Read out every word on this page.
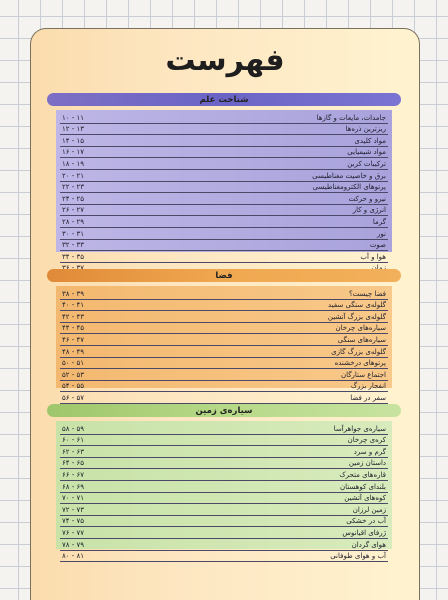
فهرست
شناخت علم
۱۰ - ۱۱	جامدات، مایعات و گازها
۱۲ - ۱۳	ریزترین ذره‌ها
۱۴ - ۱۵	مواد کلیدی
۱۶ - ۱۷	مواد شیمیایی
۱۸ - ۱۹	ترکیبات کربن
۲۰ - ۲۱	برق و خاصیت مغناطیسی
۲۲ - ۲۳	پرتوهای الکترومغناطیسی
۲۴ - ۲۵	نیرو و حرکت
۲۶ - ۲۷	انرژی و کار
۲۸ - ۲۹	گرما
۳۰ - ۳۱	نور
۳۲ - ۳۳	صوت
۳۴ - ۳۵	هوا و آب
فضا
۳۸ - ۳۹	فضا چیست؟
۴۰ - ۴۱	گلوله‌ی سنگی سفید
۴۲ - ۴۳	گلوله‌ی بزرگ آتشین
۴۴ - ۴۵	سیاره‌های چرخان
۴۶ - ۴۷	سیاره‌های سنگی
۴۸ - ۴۹	گلوله‌ی بزرگ گازی
۵۰ - ۵۱	پرتوهای درخشنده
۵۲ - ۵۳	اجتماع ستارگان
۵۴ - ۵۵	انفجار بزرگ
۵۶ - ۵۷	سفر در فضا
سیاره‌ی زمین
۵۸ - ۵۹	سیاره‌ی جواهرآسا
۶۰ - ۶۱	کره‌ی چرخان
۶۲ - ۶۳	گرم و سرد
۶۴ - ۶۵	داستان زمین
۶۶ - ۶۷	قاره‌های متحرک
۶۸ - ۶۹	بلندای کوهستان
۷۰ - ۷۱	کوه‌های آتشین
۷۲ - ۷۳	زمین لرزان
۷۴ - ۷۵	آب در خشکی
۷۶ - ۷۷	ژرفای اقیانوس
۷۸ - ۷۹	هوای گردان
۸۰ - ۸۱	آب و هوای طوفانی
